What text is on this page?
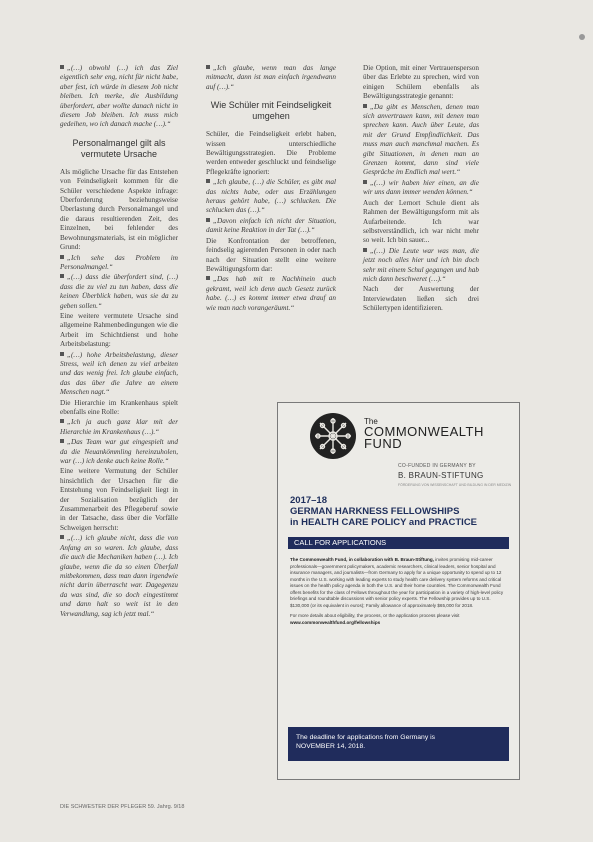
„(…) obwohl (…) ich das Ziel eigentlich sehr eng, nicht für nicht habe, aber fest, ich würde in diesem Job nicht bleiben. Ich merke, die Ausbildung überfordert, aber wollte danach nicht in diesem Job bleiben. Ich muss mich gedeihen, wo ich danach mache (…).“

Personalmangel gilt als vermutete Ursache

Als mögliche Ursache für das Entstehen von Feindseligkeit kommen für die Schüler verschiedene Aspekte infrage: Überforderung beziehungsweise Überlastung durch Personalmangel und die daraus resultierenden Zeit, des Einzelnen, bei fehlender des Bewohnungsmaterials, ist ein möglicher Grund:

„Ich sehe das Problem im Personalmangel.“

„(…) dass die überfordert sind, (…) dass die zu viel zu tun haben, dass die keinen Überblick haben, was sie da zu geben sollen.“

Eine weitere vermutete Ursache sind allgemeine Rahmenbedingungen wie die Arbeit im Schichtdienst und hohe Arbeitsbelastung:

„(…) hohe Arbeitsbelastung, dieser Stress, weil ich denen zu viel arbeiten und das wenig frei. Ich glaube einfach, das das über die Jahre an einem Menschen nagt.“

Die Hierarchie im Krankenhaus spielt ebenfalls eine Rolle:

„Ich ja auch ganz klar mit der Hierarchie im Krankenhaus (…).“

„Das Team war gut eingespielt und da die Neuankömmling hereinzuholen, war (…) ich denke auch keine Rolle.“

Eine weitere Vermutung der Schüler hinsichtlich der Ursachen für die Entstehung von Feindseligkeit liegt in der Sozialisation bezüglich der Zusammenarbeit des Pflegeberuf sowie in der Tatsache, dass über die Vorfälle Schweigen herrscht:

„(…) ich glaube nicht, dass die von Anfang an so waren. Ich glaube, dass die auch die Mechaniken haben (…). Ich glaube, wenn die da so einen Überfall mitbekommen, dass man dann irgendwie nicht darin überrascht war. Dagegenzu da was sind, die so doch eingestimmt und dann halt so weit ist in den Verwandlung, sag ich jetzt mal.“

„Ich glaube, wenn man das lange mitmacht, dann ist man einfach irgendwann auf (…).“

Wie Schüler mit Feindseligkeit umgehen

Schüler, die Feindseligkeit erlebt haben, wissen unterschiedliche Bewältigungsstrategien. Die Probleme werden entweder geschluckt und feindselige Pflegekräfte ignoriert:

„Ich glaube, (…) die Schüler, es gibt mal das nichts habe, oder aus Erzählungen heraus gehört habe, (…) schlucken. Die schlucken das (…).“

„Davon einfach ich nicht der Situation, damit keine Reaktion in der Tat (…).“

Die Konfrontation der betroffenen, feindselig agierenden Personen in oder nach nach der Situation stellt eine weitere Bewältigungsform dar:

„Das hab mit m Nachhinein auch gekramt, weil ich denn auch Gesetz zurück habe. (…) es kommt immer etwa drauf an wie man nach vorangeräumt.“

Die Option, mit einer Vertrauensperson über das Erlebte zu sprechen, wird von einigen Schülern ebenfalls als Bewältigungsstrategie genannt:

„Da gibt es Menschen, denen man sich anvertrauen kann, mit denen man sprechen kann. Auch über Leute, das mit der Grund Empfindlichkeit. Das muss man auch manchmal machen. Es gibt Situationen, in denen man an Grenzen kommt, dann sind viele Gespräche im Endlich mal wert.“

„(…) wir haben hier einen, an die wir uns dann immer wenden können.“

Auch der Lernort Schule dient als Rahmen der Bewältigungsform mit als Aufarbeitende. Ich war selbstverständlich, ich war nicht mehr so weit. Ich bin sauer...

„(…) Die Leute war was man, die jetzt noch alles hier und ich bin doch sehr mit einem Schul gegangen und hab mich dann beschweret (…).“

Nach der Auswertung der Interviewdaten ließen sich drei Schülertypen identifizieren.

The
COMMONWEALTH
FUND
CO-FUNDED IN GERMANY BY
B. BRAUN-STIFTUNG
FÖRDERUNG VON WISSENSCHAFT UND BILDUNG IN DER MEDIZIN
2017–18
GERMAN HARKNESS FELLOWSHIPS
in HEALTH CARE POLICY and PRACTICE
CALL FOR APPLICATIONS

The Commonwealth Fund, in collaboration with B. Braun-Stiftung, invites promising mid-career professionals—government policymakers, academic researchers, clinical leaders, senior hospital and insurance managers, and journalists—from Germany to apply for a unique opportunity to spend up to 12 months in the U.S. working with leading experts to study health care delivery system reforms and critical issues on the health policy agenda in both the U.S. and their home countries. The Commonwealth Fund offers benefits for the class of Fellows throughout the year for participation in a variety of high-level policy briefings and roundtable discussions with senior policy experts. The Fellowship provides up to U.S. $130,000 (or its equivalent in euros); Family allowance of approximately $65,000 for 2018.

For more details about eligibility, the process, or the application process please visit www.commonwealthfund.org/fellowships

The deadline for applications from Germany is
NOVEMBER 14, 2018.
DIE SCHWESTER DER PFLEGER 59. Jahrg. 9/18
